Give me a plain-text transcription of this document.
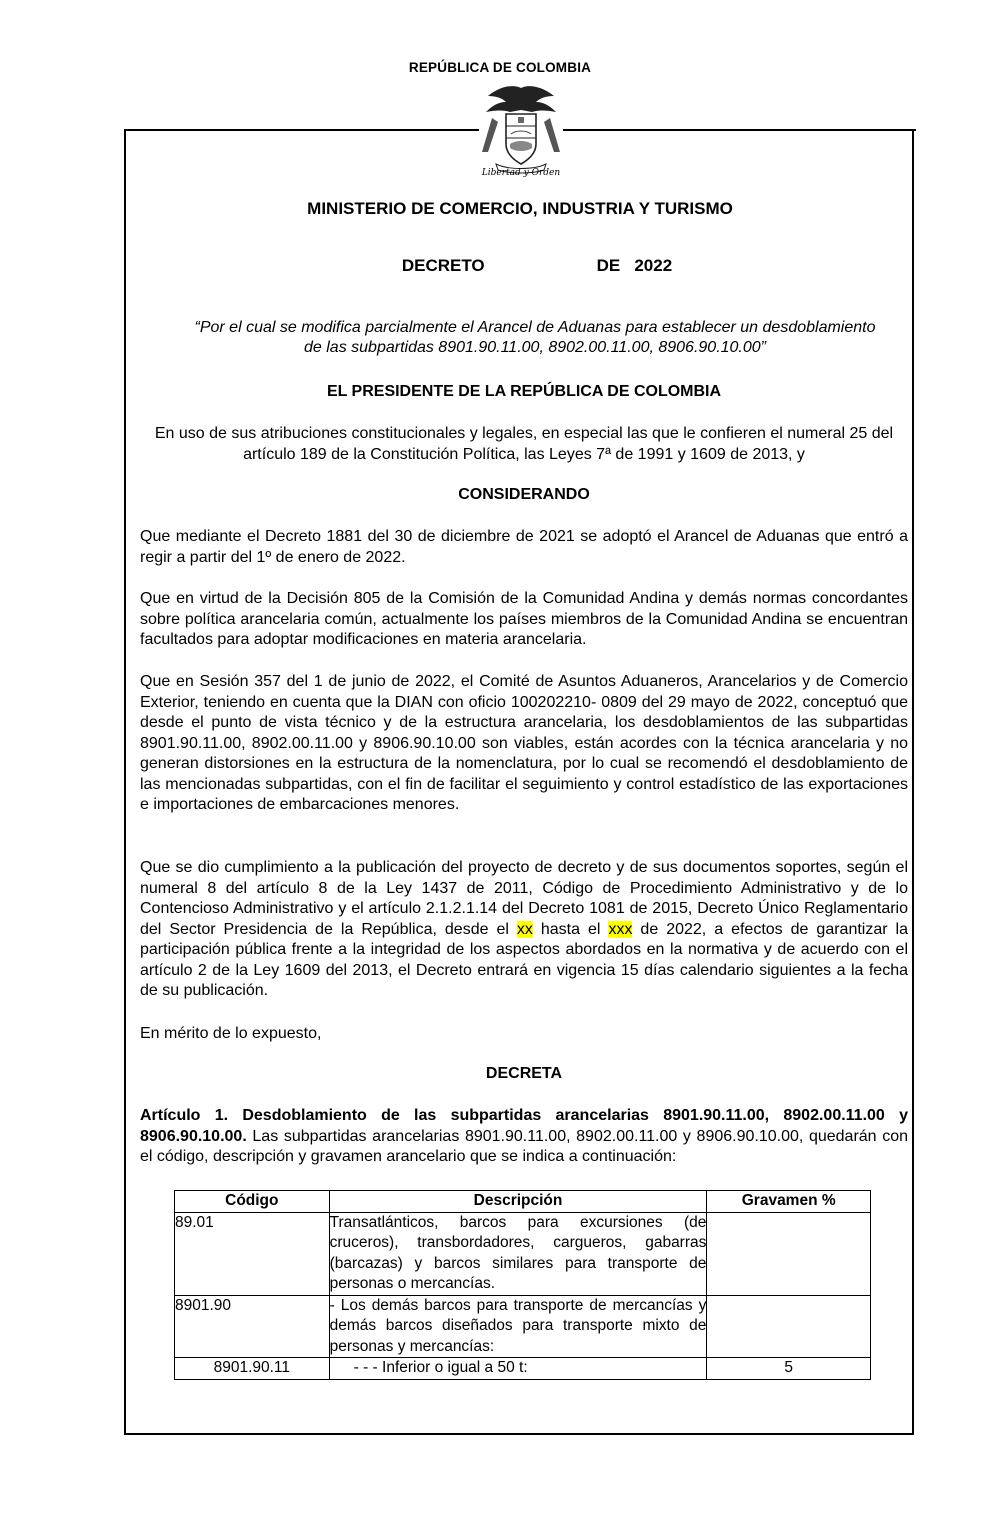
REPÚBLICA DE COLOMBIA
Libertad y Orden
MINISTERIO DE COMERCIO, INDUSTRIA Y TURISMO
DECRETO	DE   2022
“Por el cual se modifica parcialmente el Arancel de Aduanas para establecer un desdoblamiento de las subpartidas 8901.90.11.00, 8902.00.11.00, 8906.90.10.00”
EL PRESIDENTE DE LA REPÚBLICA DE COLOMBIA
En uso de sus atribuciones constitucionales y legales, en especial las que le confieren el numeral 25 del artículo 189 de la Constitución Política, las Leyes 7ª de 1991 y 1609 de 2013, y
CONSIDERANDO
Que mediante el Decreto 1881 del 30 de diciembre de 2021 se adoptó el Arancel de Aduanas que entró a regir a partir del 1º de enero de 2022.
Que en virtud de la Decisión 805 de la Comisión de la Comunidad Andina y demás normas concordantes sobre política arancelaria común, actualmente los países miembros de la Comunidad Andina se encuentran facultados para adoptar modificaciones en materia arancelaria.
Que en Sesión 357 del 1 de junio de 2022, el Comité de Asuntos Aduaneros, Arancelarios y de Comercio Exterior, teniendo en cuenta que la DIAN con oficio 100202210- 0809 del 29 mayo de 2022, conceptuó que desde el punto de vista técnico y de la estructura arancelaria, los desdoblamientos de las subpartidas 8901.90.11.00, 8902.00.11.00 y 8906.90.10.00 son viables, están acordes con la técnica arancelaria y no generan distorsiones en la estructura de la nomenclatura, por lo cual se recomendó el desdoblamiento de las mencionadas subpartidas, con el fin de facilitar el seguimiento y control estadístico de las exportaciones e importaciones de embarcaciones menores.
Que se dio cumplimiento a la publicación del proyecto de decreto y de sus documentos soportes, según el numeral 8 del artículo 8 de la Ley 1437 de 2011, Código de Procedimiento Administrativo y de lo Contencioso Administrativo y el artículo 2.1.2.1.14 del Decreto 1081 de 2015, Decreto Único Reglamentario del Sector Presidencia de la República, desde el xx hasta el xxx de 2022, a efectos de garantizar la participación pública frente a la integridad de los aspectos abordados en la normativa y de acuerdo con el artículo 2 de la Ley 1609 del 2013, el Decreto entrará en vigencia 15 días calendario siguientes a la fecha de su publicación.
En mérito de lo expuesto,
DECRETA
Artículo 1. Desdoblamiento de las subpartidas arancelarias 8901.90.11.00, 8902.00.11.00 y 8906.90.10.00. Las subpartidas arancelarias 8901.90.11.00, 8902.00.11.00 y 8906.90.10.00, quedarán con el código, descripción y gravamen arancelario que se indica a continuación:
Código	Descripción	Gravamen %
89.01	Transatlánticos, barcos para excursiones (de cruceros), transbordadores, cargueros, gabarras (barcazas) y barcos similares para transporte de personas o mercancías.	
8901.90	- Los demás barcos para transporte de mercancías y demás barcos diseñados para transporte mixto de personas y mercancías:	
8901.90.11	- - - Inferior o igual a 50 t:	5
